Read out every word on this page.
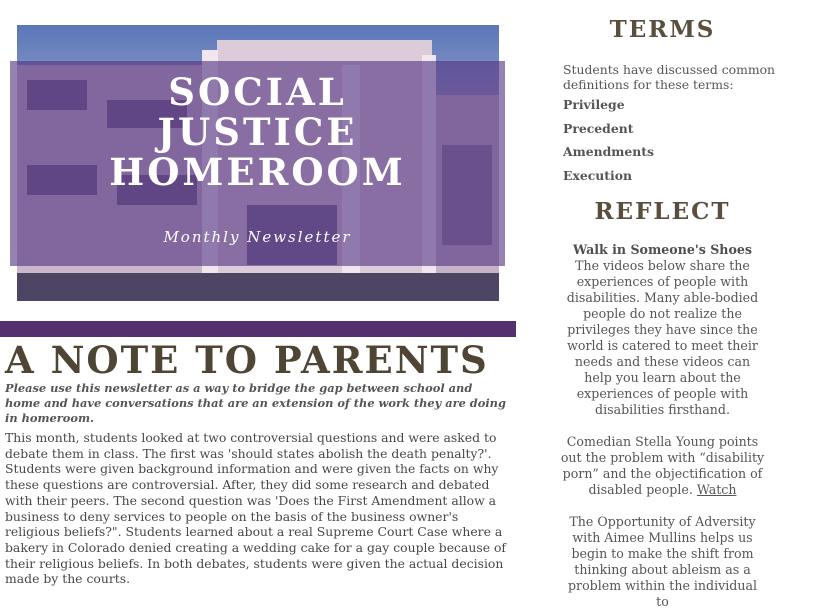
SOCIAL
JUSTICE
HOMEROOM
Monthly Newsletter
A NOTE TO PARENTS

Please use this newsletter as a way to bridge the gap between school and home and have conversations that are an extension of the work they are doing in homeroom.

This month, students looked at two controversial questions and were asked to debate them in class. The first was 'should states abolish the death penalty?'. Students were given background information and were given the facts on why these questions are controversial. After, they did some research and debated with their peers. The second question was 'Does the First Amendment allow a business to deny services to people on the basis of the business owner's religious beliefs?". Students learned about a real Supreme Court Case where a bakery in Colorado denied creating a wedding cake for a gay couple because of their religious beliefs. In both debates, students were given the actual decision made by the courts.

TERMS

Students have discussed common definitions for these terms:

Privilege

Precedent

Amendments

Execution

REFLECT
Walk in Someone's Shoes
The videos below share the experiences of people with disabilities. Many able-bodied people do not realize the privileges they have since the world is catered to meet their needs and these videos can help you learn about the experiences of people with disabilities firsthand.
Comedian Stella Young points out the problem with “disability porn” and the objectification of disabled people. Watch
The Opportunity of Adversity with Aimee Mullins helps us begin to make the shift from thinking about ableism as a problem within the individual to
